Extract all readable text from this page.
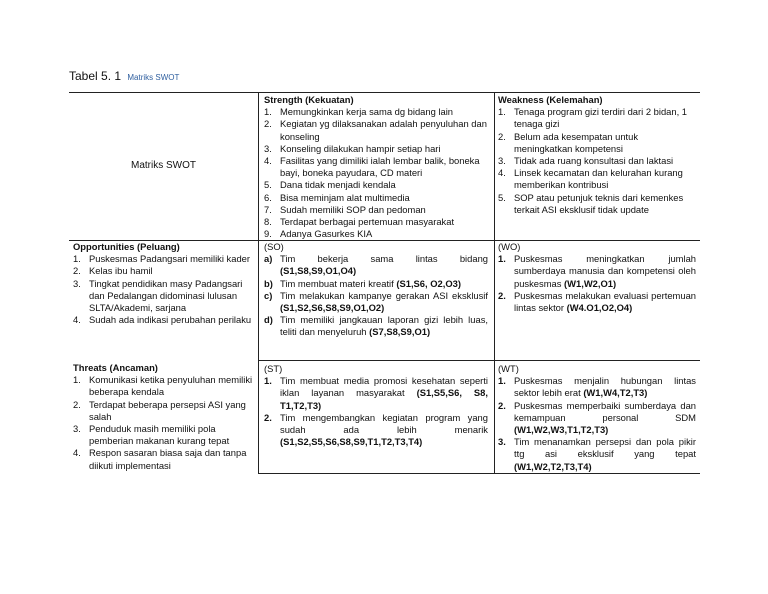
Tabel 5. 1 Matriks SWOT
Matriks SWOT
Strength (Kekuatan)
1. Memungkinkan kerja sama dg bidang lain
2. Kegiatan yg dilaksanakan adalah penyuluhan dan konseling
3. Konseling dilakukan hampir setiap hari
4. Fasilitas yang dimiliki ialah lembar balik, boneka bayi, boneka payudara, CD materi
5. Dana tidak menjadi kendala
6. Bisa meminjam alat multimedia
7. Sudah memiliki SOP dan pedoman
8. Terdapat berbagai pertemuan masyarakat
9. Adanya Gasurkes KIA
Weakness (Kelemahan)
1. Tenaga program gizi terdiri dari 2 bidan, 1 tenaga gizi
2. Belum ada kesempatan untuk meningkatkan kompetensi
3. Tidak ada ruang konsultasi dan laktasi
4. Linsek kecamatan dan kelurahan kurang memberikan kontribusi
5. SOP atau petunjuk teknis dari kemenkes terkait ASI eksklusif tidak update
Opportunities (Peluang)
1. Puskesmas Padangsari memiliki kader
2. Kelas ibu hamil
3. Tingkat pendidikan masy Padangsari dan Pedalangan didominasi lulusan SLTA/Akademi, sarjana
4. Sudah ada indikasi perubahan perilaku
Threats (Ancaman)
1. Komunikasi ketika penyuluhan memiliki beberapa kendala
2. Terdapat beberapa persepsi ASI yang salah
3. Penduduk masih memiliki pola pemberian makanan kurang tepat
4. Respon sasaran biasa saja dan tanpa diikuti implementasi
(SO)
a) Tim bekerja sama lintas bidang (S1,S8,S9,O1,O4)
b) Tim membuat materi kreatif (S1,S6, O2,O3)
c) Tim melakukan kampanye gerakan ASI eksklusif (S1,S2,S6,S8,S9,O1,O2)
d) Tim memiliki jangkauan laporan gizi lebih luas, teliti dan menyeluruh (S7,S8,S9,O1)
(WO)
1. Puskesmas meningkatkan jumlah sumberdaya manusia dan kompetensi oleh puskesmas (W1,W2,O1)
2. Puskesmas melakukan evaluasi pertemuan lintas sektor (W4.O1,O2,O4)
(ST)
1. Tim membuat media promosi kesehatan seperti iklan layanan masyarakat (S1,S5,S6, S8, T1,T2,T3)
2. Tim mengembangkan kegiatan program yang sudah ada lebih menarik (S1,S2,S5,S6,S8,S9,T1,T2,T3,T4)
(WT)
1. Puskesmas menjalin hubungan lintas sektor lebih erat (W1,W4,T2,T3)
2. Puskesmas memperbaiki sumberdaya dan kemampuan personal SDM (W1,W2,W3,T1,T2,T3)
3. Tim menanamkan persepsi dan pola pikir ttg asi eksklusif yang tepat (W1,W2,T2,T3,T4)
